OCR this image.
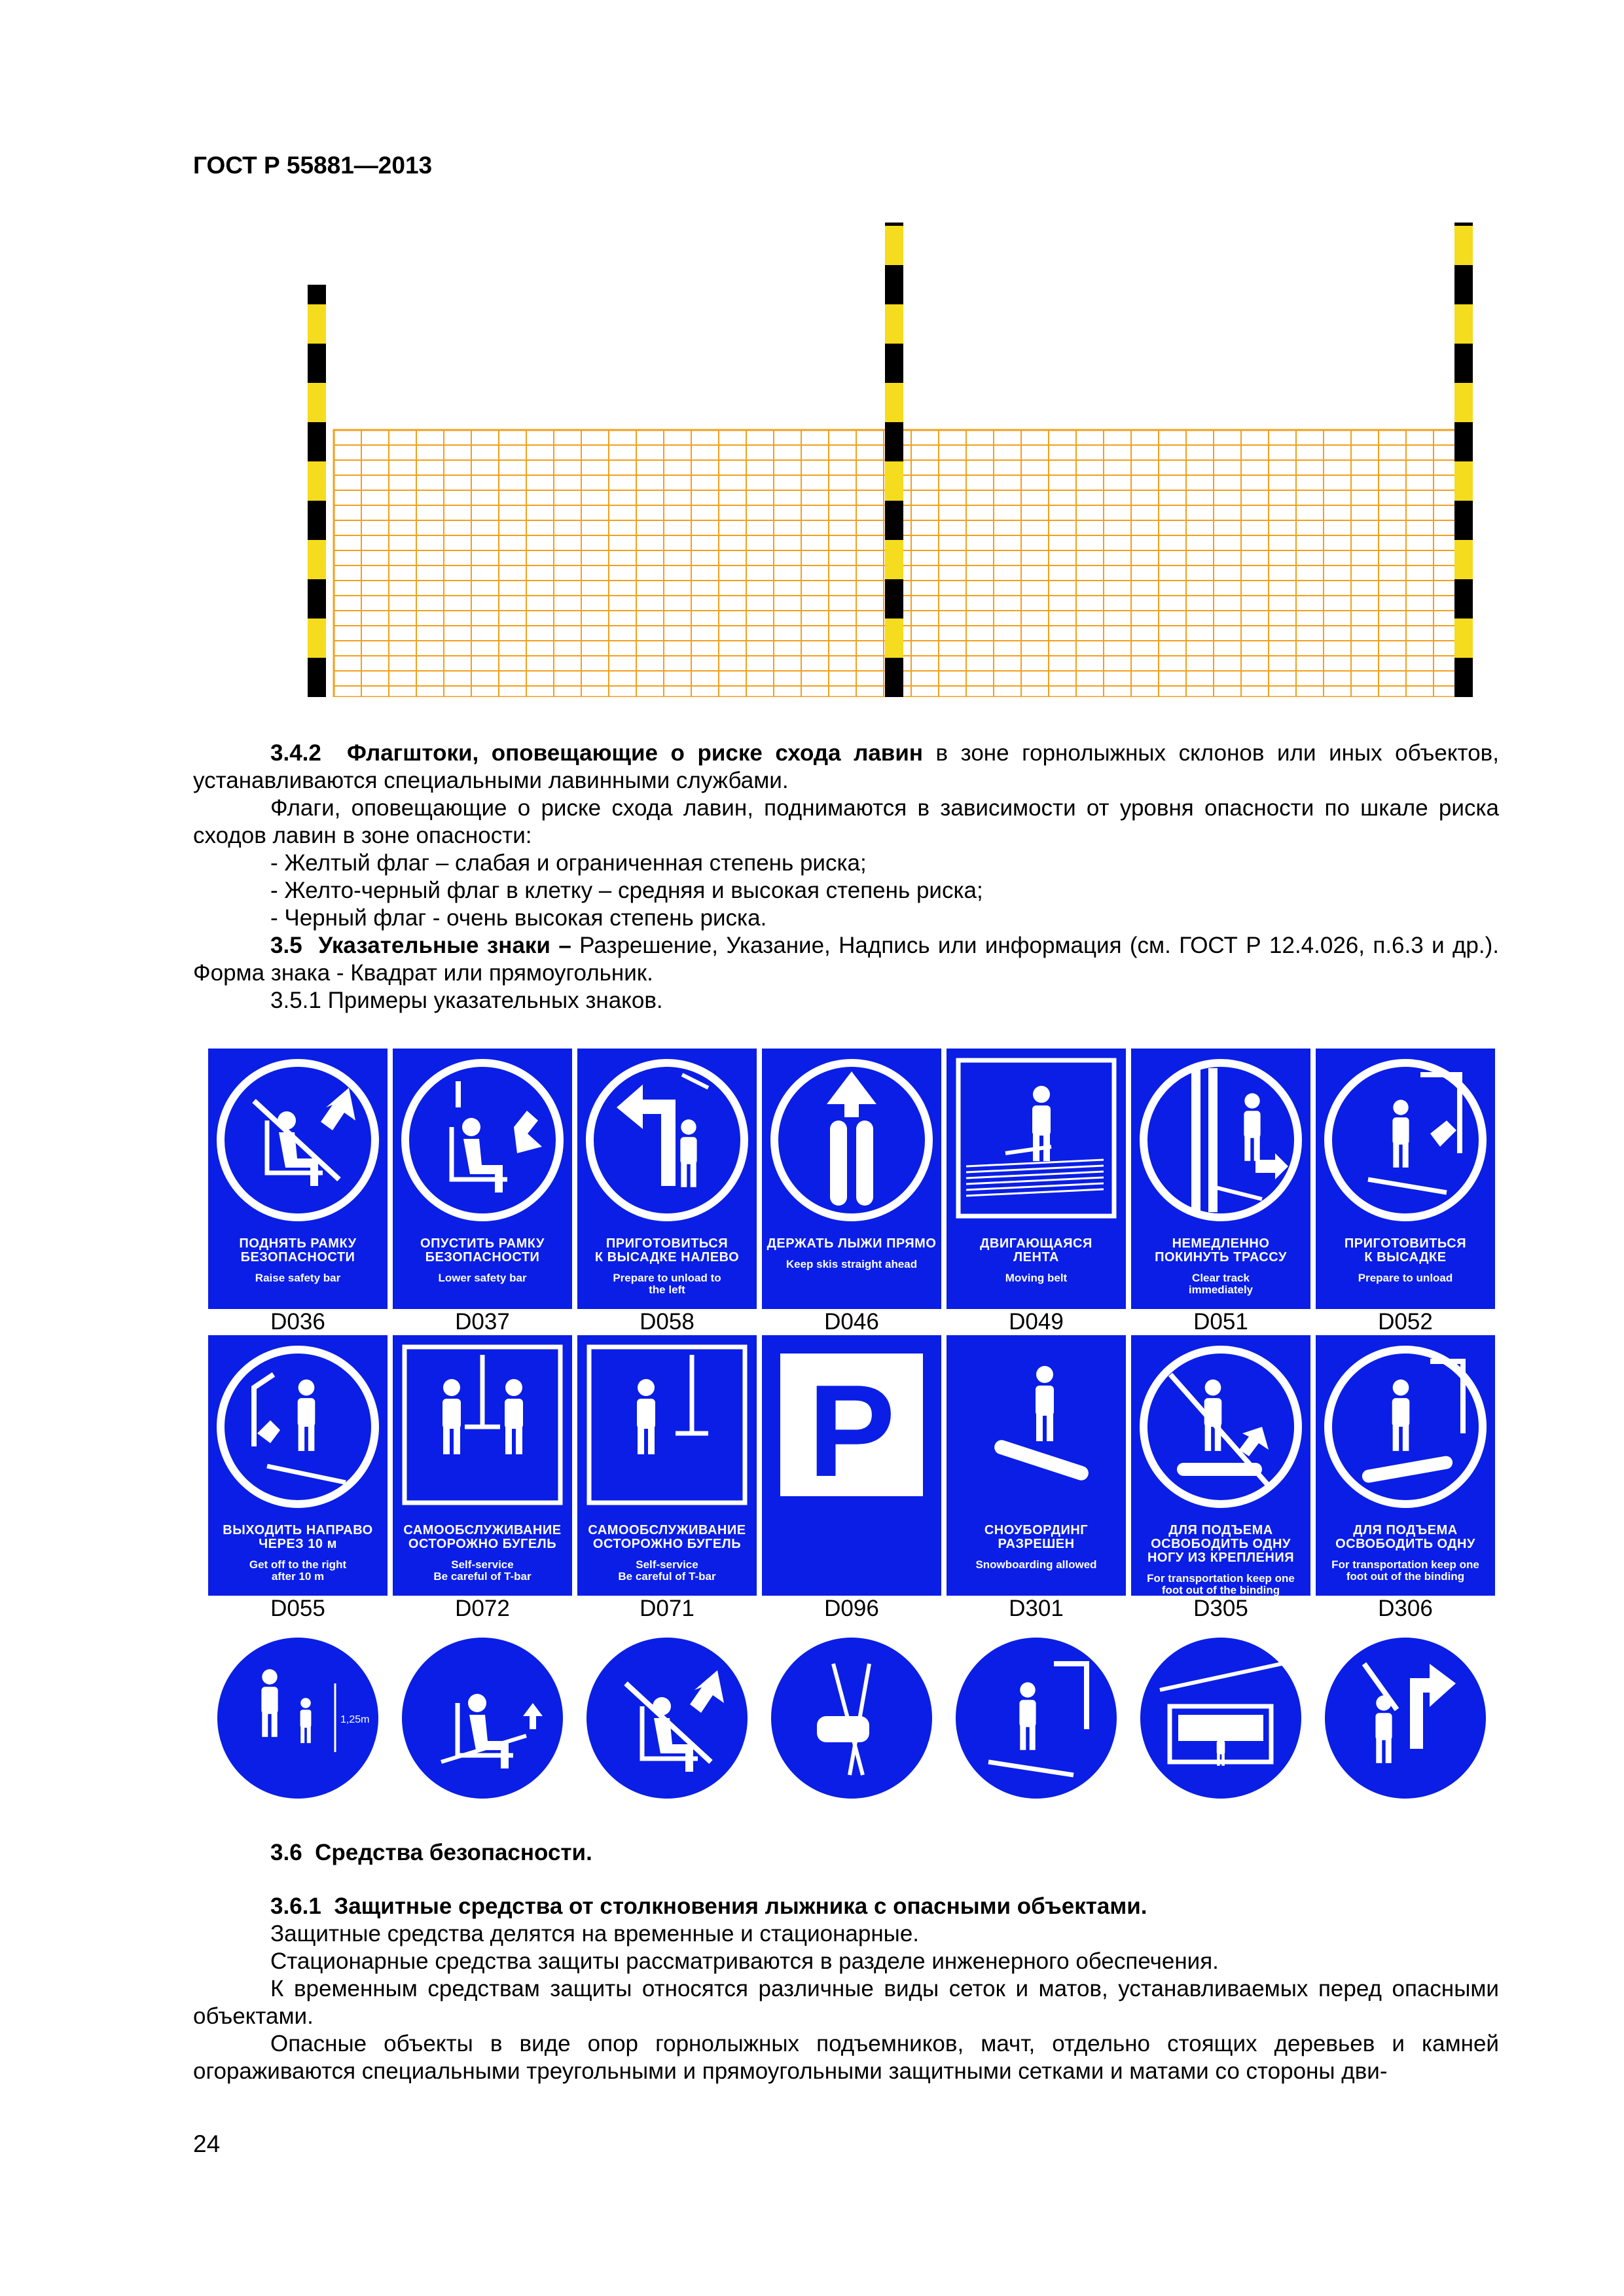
ГОСТ Р 55881—2013

3.4.2 Флагштоки, оповещающие о риске схода лавин в зоне горнолыжных склонов или иных объектов, устанавливаются специальными лавинными службами.

Флаги, оповещающие о риске схода лавин, поднимаются в зависимости от уровня опасности по шкале риска сходов лавин в зоне опасности:

- Желтый флаг – слабая и ограниченная степень риска;

- Желто-черный флаг в клетку – средняя и высокая степень риска;

- Черный флаг - очень высокая степень риска.

3.5 Указательные знаки – Разрешение, Указание, Надпись или информация (см. ГОСТ Р 12.4.026, п.6.3 и др.). Форма знака - Квадрат или прямоугольник.

3.5.1 Примеры указательных знаков.

ПОДНЯТЬ РАМКУ
БЕЗОПАСНОСТИ
Raise safety bar
D036
ОПУСТИТЬ РАМКУ
БЕЗОПАСНОСТИ
Lower safety bar
D037
ПРИГОТОВИТЬСЯ
К ВЫСАДКЕ НАЛЕВО
Prepare to unload to
the left
D058
ДЕРЖАТЬ ЛЫЖИ ПРЯМО
Keep skis straight ahead
D046
ДВИГАЮЩАЯСЯ
ЛЕНТА
Moving belt
D049
НЕМЕДЛЕННО
ПОКИНУТЬ ТРАССУ
Clear track
immediately
D051
ПРИГОТОВИТЬСЯ
К ВЫСАДКЕ
Prepare to unload
D052
ВЫХОДИТЬ НАПРАВО
ЧЕРЕЗ 10 м
Get off to the right
after 10 m
D055
САМООБСЛУЖИВАНИЕ
ОСТОРОЖНО БУГЕЛЬ
Self-service
Be careful of T-bar
D072
САМООБСЛУЖИВАНИЕ
ОСТОРОЖНО БУГЕЛЬ
Self-service
Be careful of T-bar
D071
P
D096
СНОУБОРДИНГ
РАЗРЕШЕН
Snowboarding allowed
D301
ДЛЯ ПОДЪЕМА
ОСВОБОДИТЬ ОДНУ
НОГУ ИЗ КРЕПЛЕНИЯ
For transportation keep one
foot out of the binding
D305
ДЛЯ ПОДЪЕМА
ОСВОБОДИТЬ ОДНУ
For transportation keep one
foot out of the binding
D306
1,25m

3.6 Средства безопасности.

3.6.1 Защитные средства от столкновения лыжника с опасными объектами.

Защитные средства делятся на временные и стационарные.

Стационарные средства защиты рассматриваются в разделе инженерного обеспечения.

К временным средствам защиты относятся различные виды сеток и матов, устанавливаемых перед опасными объектами.

Опасные объекты в виде опор горнолыжных подъемников, мачт, отдельно стоящих деревьев и камней огораживаются специальными треугольными и прямоугольными защитными сетками и матами со стороны дви-

24
